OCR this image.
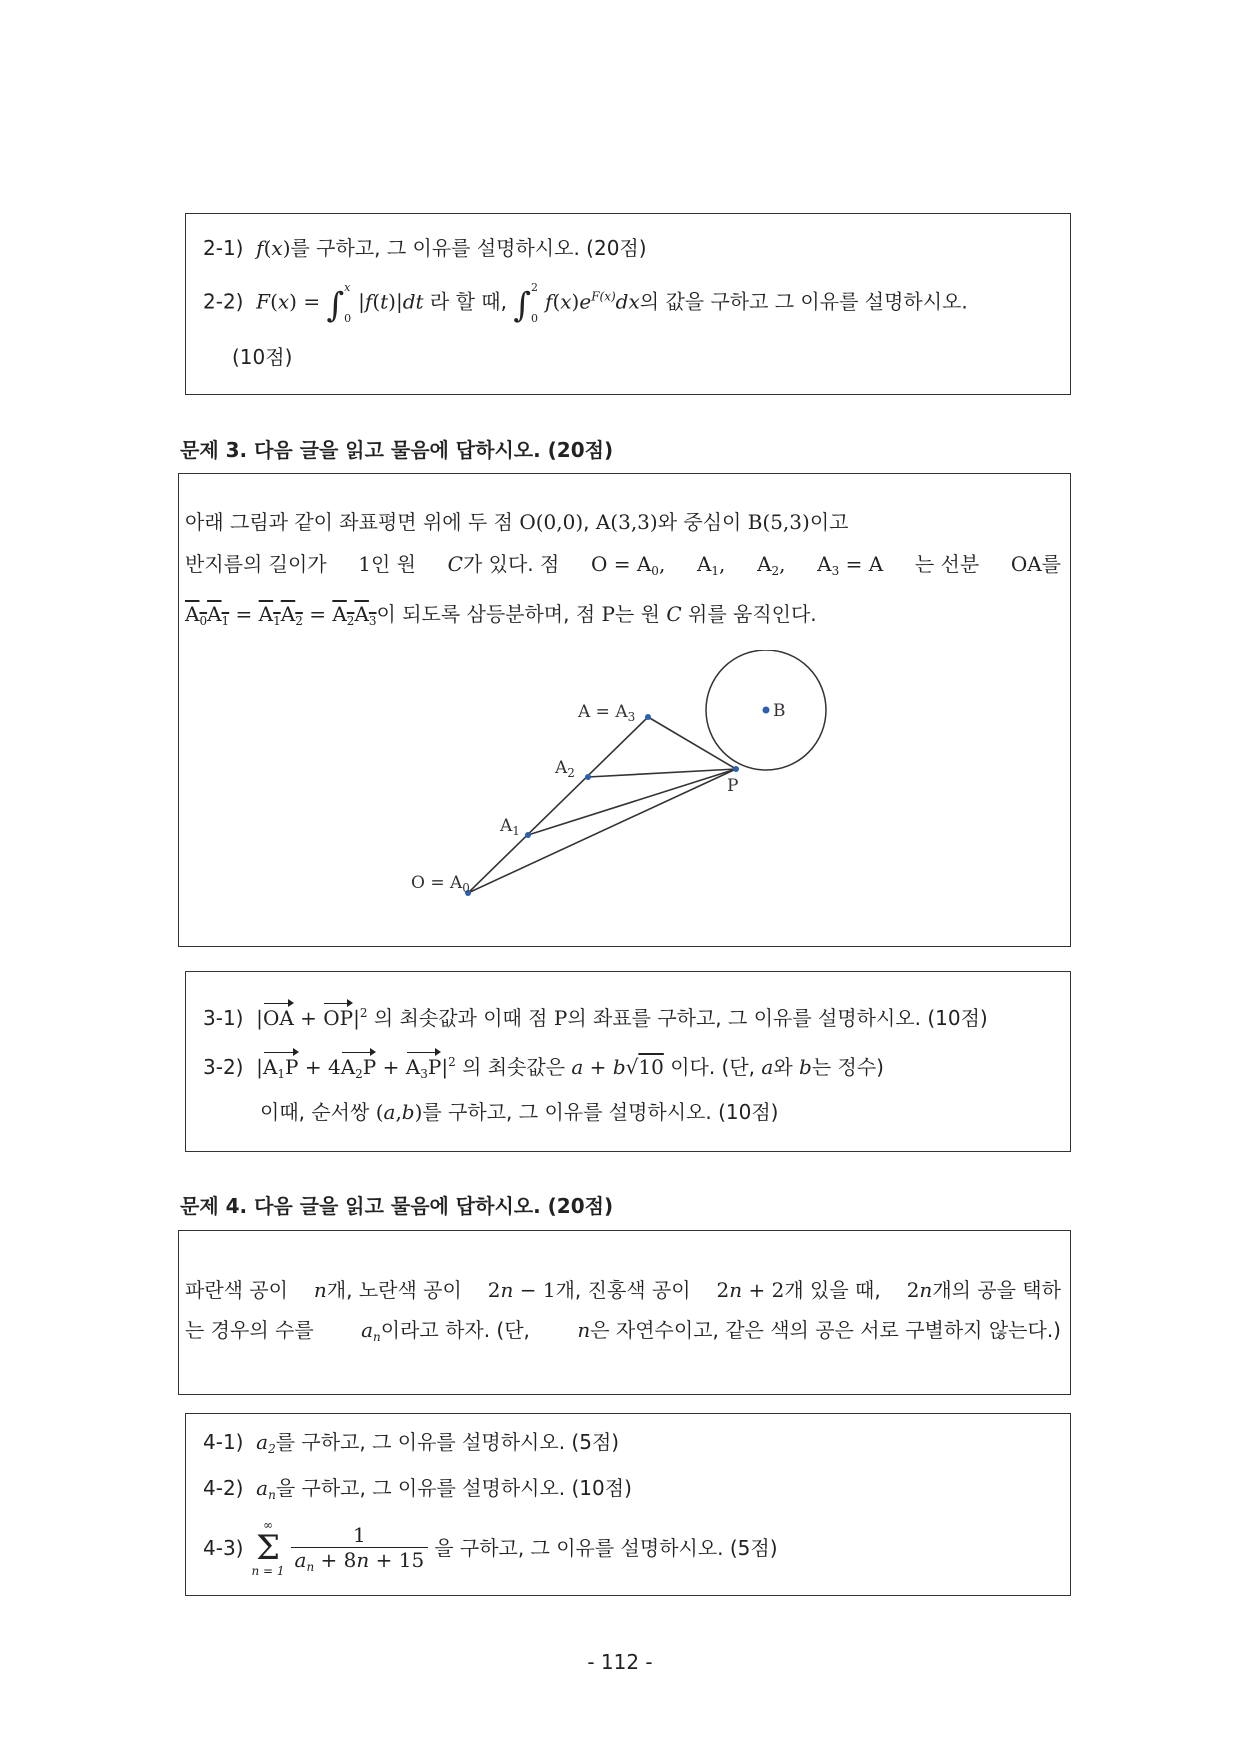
2-1)  f(x)를 구하고, 그 이유를 설명하시오. (20점)
2-2)  F(x) = ∫ x
0
|f(t)|dt 라 할 때, ∫ 2
0
$f(x)e^{F(x)}dx$의 값을 구하고 그 이유를 설명하시오.
(10점)
문제 3. 다음 글을 읽고 물음에 답하시오. (20점)
아래 그림과 같이 좌표평면 위에 두 점 O(0,0), A(3,3)와 중심이 B(5,3)이고
반지름의 길이가 1인 원 C가 있다. 점 $O = A_0$, $A_1$, $A_2$, $A_3 = A$ 는 선분 OA를
$A_0A_1 = A_1A_2 = A_2A_3$이 되도록 삼등분하며, 점 P는 원 C 위를 움직인다.
$A = A_3$	B
$A_2$
P
$A_1$
$O = A_0$
3-1)  $|OA + OP|^2$ 의 최솟값과 이때 점 P의 좌표를 구하고, 그 이유를 설명하시오. (10점)
3-2)  $|A_1P + 4A_2P + A_3P|^2$ 의 최솟값은 a + b√10 이다. (단, a와 b는 정수)
이때, 순서쌍 (a,b)를 구하고, 그 이유를 설명하시오. (10점)
문제 4. 다음 글을 읽고 물음에 답하시오. (20점)
파란색 공이 n개, 노란색 공이 2n − 1개, 진홍색 공이 2n + 2개 있을 때, 2n개의 공을 택하
는 경우의 수를 $a_n$이라고 하자. (단, n은 자연수이고, 같은 색의 공은 서로 구별하지 않는다.)
4-1)  $a_2$를 구하고, 그 이유를 설명하시오. (5점)
4-2)  $a_n$을 구하고, 그 이유를 설명하시오. (10점)
4-3)
∞
Σ
$n = 1 \frac{1}{a_n + 8n + 15}$ 을 구하고, 그 이유를 설명하시오. (5점)
- 112 -
